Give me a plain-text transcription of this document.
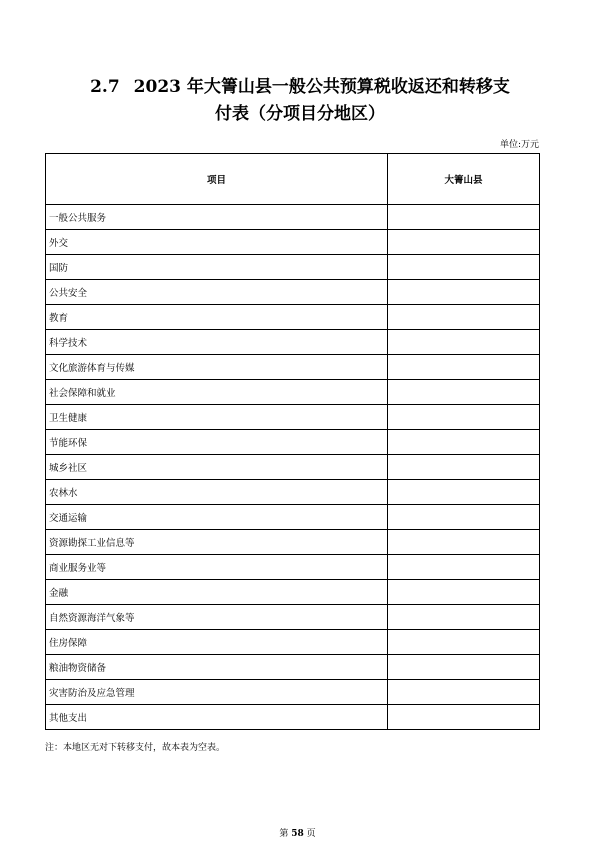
2.7 2023 年大箐山县一般公共预算税收返还和转移支
付表（分项目分地区）
单位:万元
项目	大箐山县
一般公共服务	
外交	
国防	
公共安全	
教育	
科学技术	
文化旅游体育与传媒	
社会保障和就业	
卫生健康	
节能环保	
城乡社区	
农林水	
交通运输	
资源勘探工业信息等	
商业服务业等	
金融	
自然资源海洋气象等	
住房保障	
粮油物资储备	
灾害防治及应急管理	
其他支出	
注：本地区无对下转移支付，故本表为空表。
第 58 页
